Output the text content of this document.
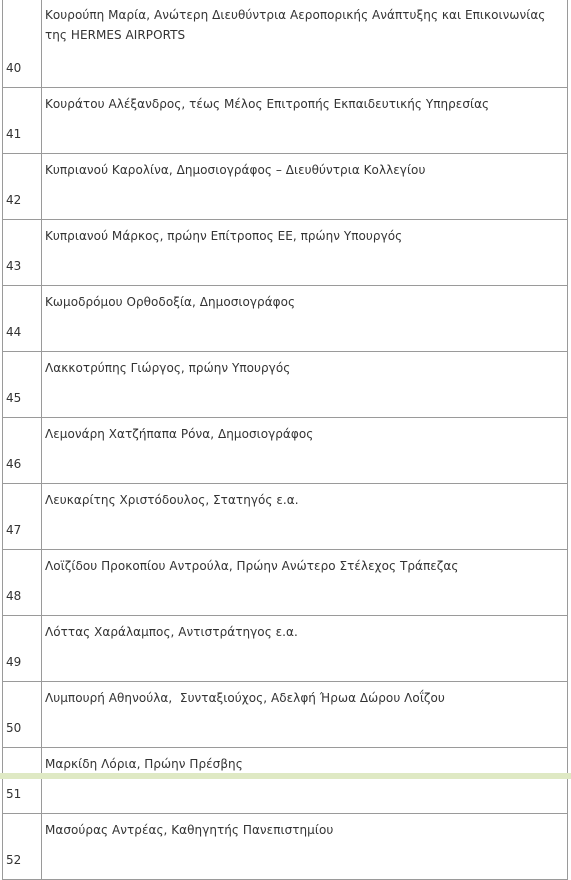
40	Κουρούπη Μαρία, Ανώτερη Διευθύντρια Αεροπορικής Ανάπτυξης και Επικοινωνίας της HERMES AIRPORTS

41	Κουράτου Αλέξανδρος, τέως Μέλος Επιτροπής Εκπαιδευτικής Υπηρεσίας

42	Κυπριανού Καρολίνα, Δημοσιογράφος – Διευθύντρια Κολλεγίου

43	Κυπριανού Μάρκος, πρώην Επίτροπος ΕΕ, πρώην Υπουργός

44	Κωμοδρόμου Ορθοδοξία, Δημοσιογράφος

45	Λακκοτρύπης Γιώργος, πρώην Υπουργός

46	Λεμονάρη Χατζήπαπα Ρόνα, Δημοσιογράφος

47	Λευκαρίτης Χριστόδουλος, Στατηγός ε.α.

48	Λοϊζίδου Προκοπίου Αντρούλα, Πρώην Ανώτερο Στέλεχος Τράπεζας

49	Λόττας Χαράλαμπος, Αντιστράτηγος ε.α.

50	Λυμπουρή Αθηνούλα,  Συνταξιούχος, Αδελφή Ήρωα Δώρου Λοΐζου

51	Μαρκίδη Λόρια, Πρώην Πρέσβης

52	Μασούρας Αντρέας, Καθηγητής Πανεπιστημίου
